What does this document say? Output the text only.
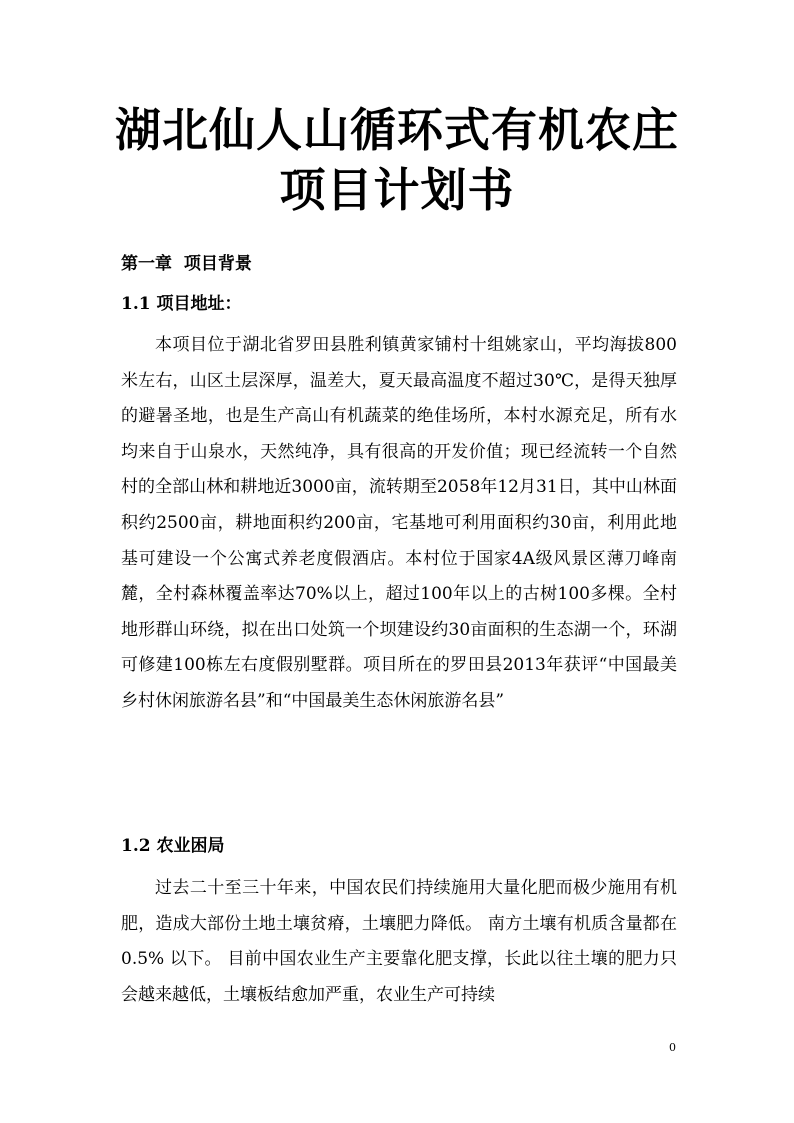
湖北仙人山循环式有机农庄
项目计划书
第一章  项目背景
1.1 项目地址：

本项目位于湖北省罗田县胜利镇黄家铺村十组姚家山，平均海拔800米左右，山区土层深厚，温差大，夏天最高温度不超过30℃，是得天独厚的避暑圣地，也是生产高山有机蔬菜的绝佳场所，本村水源充足，所有水均来自于山泉水，天然纯净，具有很高的开发价值；现已经流转一个自然村的全部山林和耕地近3000亩，流转期至2058年12月31日，其中山林面积约2500亩，耕地面积约200亩，宅基地可利用面积约30亩，利用此地基可建设一个公寓式养老度假酒店。本村位于国家4A级风景区薄刀峰南麓，全村森林覆盖率达70%以上，超过100年以上的古树100多棵。全村地形群山环绕，拟在出口处筑一个坝建设约30亩面积的生态湖一个，环湖可修建100栋左右度假别墅群。项目所在的罗田县2013年获评“中国最美乡村休闲旅游名县”和“中国最美生态休闲旅游名县”

1.2 农业困局

过去二十至三十年来，中国农民们持续施用大量化肥而极少施用有机肥，造成大部份土地土壤贫瘠，土壤肥力降低。 南方土壤有机质含量都在 0.5% 以下。 目前中国农业生产主要靠化肥支撑，长此以往土壤的肥力只会越来越低，土壤板结愈加严重，农业生产可持续

0
